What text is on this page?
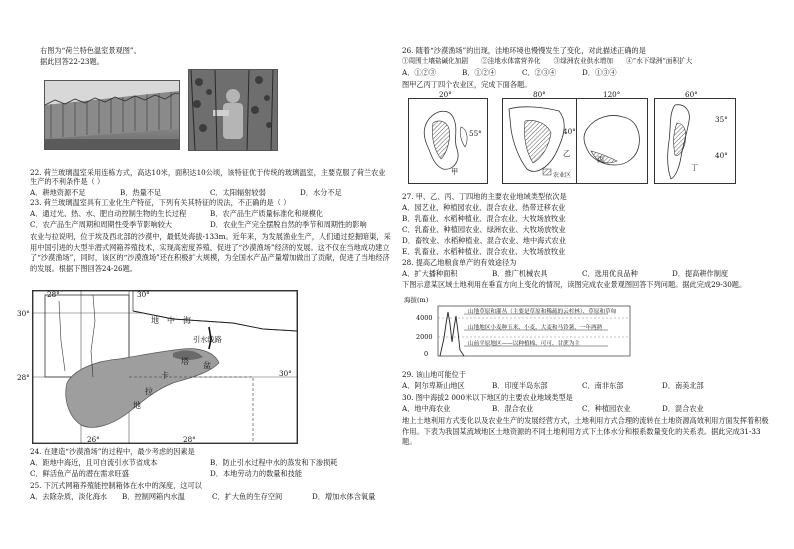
右图为“荷兰特色温室景观图”。
据此回答22-23题。
22. 荷兰玻璃温室采用连栋方式，高达10米，面积达10公顷，该特征优于传统的玻璃温室，主要克服了荷兰农业生产的不利条件是（ ）
A．耕地资源不足	B．热量不足	C．太阳辐射较弱	D．水分不足
23. 荷兰玻璃温室具有工业化生产特征，下列有关其特征的说法，不正确的是（ ）
A．通过光、热、水、肥自动控制生物的生长过程	B．农产品生产质量标准化和规模化
C．农产品生产周期和周期性受季节影响较大	D．农业生产完全摆脱自然的季节和周期性的影响
农业与拉说明，位于埃及西北部的沙漠中，最低处海拔-133m。近年来，为发展渔业生产，人们通过挖掘暗渠，采用中国引进的大型半潜式网箱养殖技术，实现高密度养殖，促进了“沙漠渔场”经济的发展。这不仅在当地成功建立了“沙漠渔场”，同时，该区的“沙漠渔场”还在积极扩大规模，为全国水产品产量增加做出了贡献，促进了当地经济的发展。根据下图回答24-26题。
地　中　海
引水线路
塔 盆
卡
拉
地
28°	30°
30°
28°	30°
26°	28°
24. 在建造“沙漠渔场”的过程中，最少考虑的因素是
A．距地中海近，且可自流引水节省成本	B．防止引水过程中水的蒸发和下渗损耗
C．鲜活鱼产品的潜在需求旺盛	D．本地劳动力的数量和技能
25. 下沉式网箱养殖能控制箱体在水中的深度，这可以
A．去除杂质，淡化海水 B．控制网箱内水温	C．扩大鱼的生存空间	D．增加水体含氧量
26. 随着“沙漠渔场”的出现，洼地环境也慢慢发生了变化，对此描述正确的是
①周围土壤盐碱化加剧　　②洼地水体富营养化　　③绿洲农业供水增加　　④“水下绿洲”面积扩大
A．①②③	B．①②④	C．②③④	D．①③④
图甲乙丙丁四个农业区，完成下面各题。
20°
55°
甲
80°
40°
乙
农业区
120°
丙
60°
35°
40°
丁
27. 甲、乙、丙、丁四地的主要农业地域类型依次是
A．园艺业、种植园农业、混合农业、热带迁移农业
B．乳畜业、水稻种植业、混合农业、大牧场放牧业
C．乳畜业、种植园农业、绿洲农业、大牧场放牧业
D．畜牧业、水稻种植业、混合农业、地中海式农业
E．乳畜业、水稻种植业、混合农业、大牧场放牧业
28. 提高乙地粮食单产的有效途径为
A．扩大播种面积	B．推广机械农具	C．选用优良品种	D．提高耕作制度
下图示意某区域土地利用在垂直方向上变化的情况，读图完成农业景观图回答下列问题。据此完成29-30题。
海拔(m)
4000
2000
0
山地草原和灌丛（主要是草原和稀疏的云杉林）、草原和草甸
山地地区小麦种玉米、小麦、大麦和马铃薯，一年两熟
山前平原地区——以种植棉、可可、甘蔗为主
29. 该山地可能位于
A．阿尔卑斯山地区	B．印度半岛东部	C．南非东部	D．南美北部
30. 图中海拔2 000米以下地区的主要农业地域类型是
A．地中海农业	B．混合农业	C．种植园农业	D．混合农业
地上土地利用方式变化以及农业生产的发展经营方式，土地利用方式合理的流转在土地资源高效利用方面发挥着积极作用。下表为我国某流域地区土地资源的不同土地利用方式下土体水分和根系数量变化的关系表。据此完成31-33题。
